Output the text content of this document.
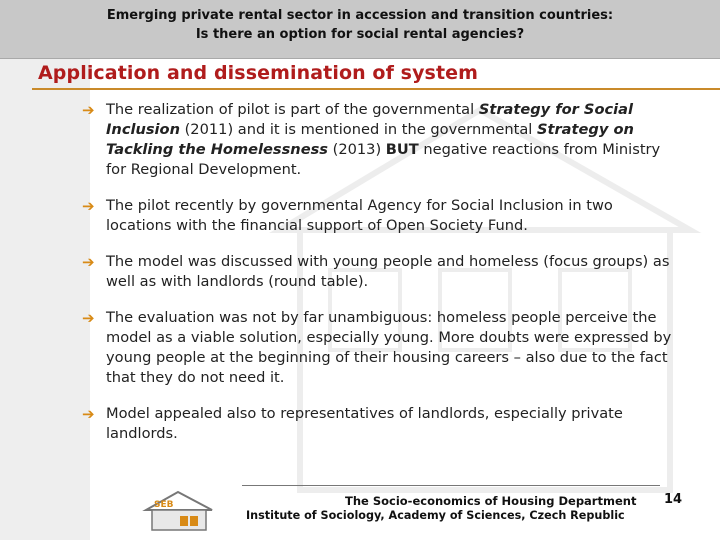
Emerging private rental sector in accession and transition countries:
Is there an option for social rental agencies?
Application and dissemination of system
➔ The realization of pilot is part of the governmental Strategy for Social Inclusion (2011) and it is mentioned in the governmental Strategy on Tackling the Homelessness (2013) BUT negative reactions from Ministry for Regional Development.
➔ The pilot recently by governmental Agency for Social Inclusion in two locations with the financial support of Open Society Fund.
➔ The model was discussed with young people and homeless (focus groups) as well as with landlords (round table).
➔ The evaluation was not by far unambiguous: homeless people perceive the model as a viable solution, especially young. More doubts were expressed by young people at the beginning of their housing careers – also due to the fact that they do not need it.
➔ Model appealed also to representatives of landlords, especially private landlords.
SEB	The Socio-economics of Housing Department 14
Institute of Sociology, Academy of Sciences, Czech Republic
